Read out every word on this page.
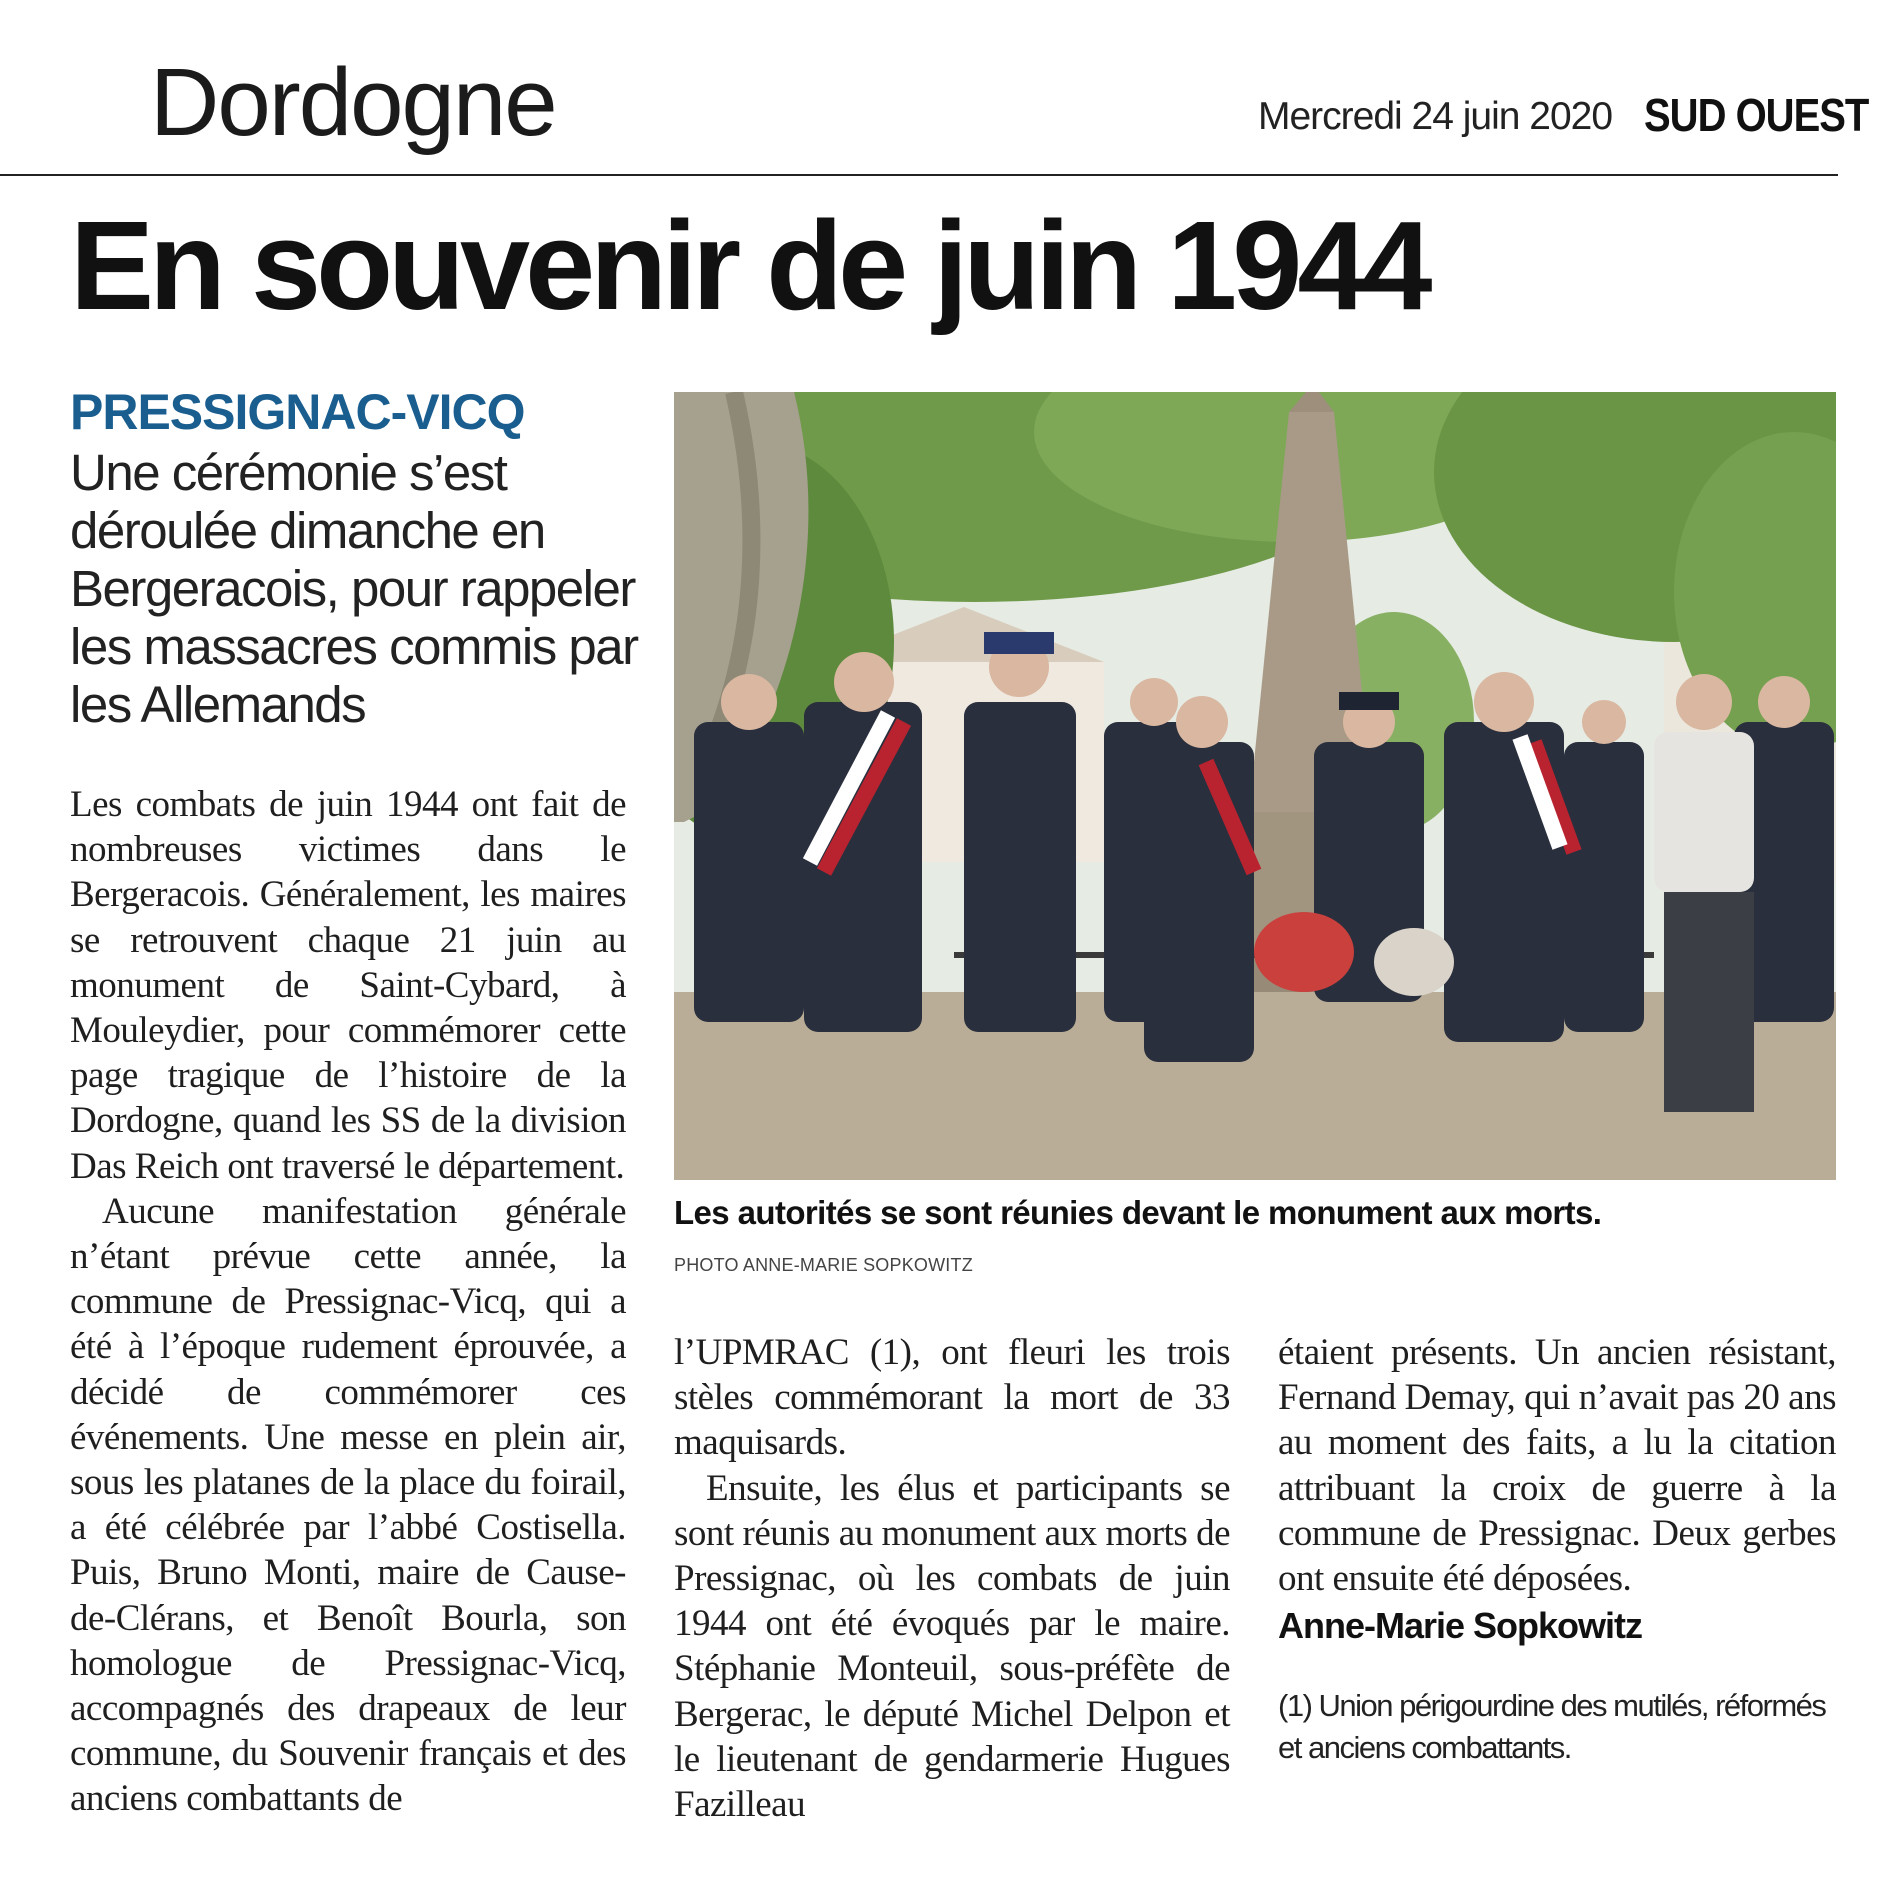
Dordogne	Mercredi 24 juin 2020 SUD OUEST
En souvenir de juin 1944
PRESSIGNAC-VICQ
Une cérémonie s’est déroulée dimanche en Bergeracois, pour rappeler les massacres commis par les Allemands

Les combats de juin 1944 ont fait de nombreuses victimes dans le Bergeracois. Généralement, les maires se retrouvent chaque 21 juin au monument de Saint-Cybard, à Mouleydier, pour commémorer cette page tragique de l’histoire de la Dordogne, quand les SS de la division Das Reich ont traversé le département.

Aucune manifestation générale n’étant prévue cette année, la commune de Pressignac-Vicq, qui a été à l’époque rudement éprouvée, a décidé de commémorer ces événements. Une messe en plein air, sous les platanes de la place du foirail, a été célébrée par l’abbé Costisella. Puis, Bruno Monti, maire de Cause-de-Clérans, et Benoît Bourla, son homologue de Pressignac-Vicq, accompagnés des drapeaux de leur commune, du Souvenir français et des anciens combattants de

Les autorités se sont réunies devant le monument aux morts.
PHOTO ANNE-MARIE SOPKOWITZ

l’UPMRAC (1), ont fleuri les trois stèles commémorant la mort de 33 maquisards.

Ensuite, les élus et participants se sont réunis au monument aux morts de Pressignac, où les combats de juin 1944 ont été évoqués par le maire. Stéphanie Monteuil, sous-préfète de Bergerac, le député Michel Delpon et le lieutenant de gendarmerie Hugues Fazilleau

étaient présents. Un ancien résistant, Fernand Demay, qui n’avait pas 20 ans au moment des faits, a lu la citation attribuant la croix de guerre à la commune de Pressignac. Deux gerbes ont ensuite été déposées.

Anne-Marie Sopkowitz
(1) Union périgourdine des mutilés, réformés et anciens combattants.
